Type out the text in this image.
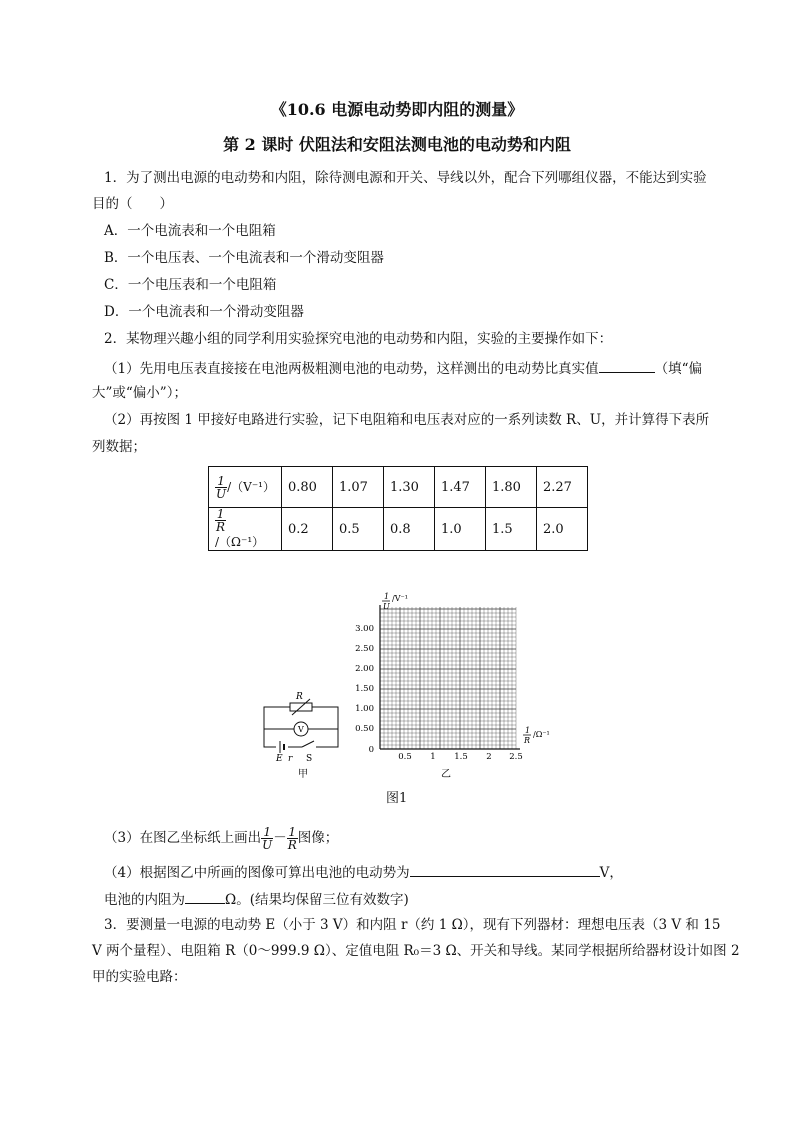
《10.6 电源电动势即内阻的测量》
第 2 课时 伏阻法和安阻法测电池的电动势和内阻
1．为了测出电源的电动势和内阻，除待测电源和开关、导线以外，配合下列哪组仪器，不能达到实验
目的（　　）
A．一个电流表和一个电阻箱
B．一个电压表、一个电流表和一个滑动变阻器
C．一个电压表和一个电阻箱
D．一个电流表和一个滑动变阻器
2．某物理兴趣小组的同学利用实验探究电池的电动势和内阻，实验的主要操作如下：
（1）先用电压表直接接在电池两极粗测电池的电动势，这样测出的电动势比真实值	（填“偏
大”或“偏小”）；
（2）再按图 1 甲接好电路进行实验，记下电阻箱和电压表对应的一系列读数 R、U，并计算得下表所
列数据；
$\frac{1}{U} /(V^{-1})$	0.80	1.07	1.30	1.47	1.80	2.27

$\frac{1}{R}$
/（Ω⁻¹）	0.2	0.5	0.8	1.0	1.5	2.0
R
V
E r S
甲
1
U
/V⁻¹
1
R
/Ω⁻¹
3.00
2.50
2.00
1.50
1.00
0.50
0
0.5 1 1.5 2 2.5
乙
图1
（3）在图乙坐标纸上画出 $\frac{1}{U} - \frac{1}{R}$ 图像；
（4）根据图乙中所画的图像可算出电池的电动势为	V，
电池的内阻为	Ω。(结果均保留三位有效数字)
3．要测量一电源的电动势 E（小于 3 V）和内阻 r（约 1 Ω），现有下列器材：理想电压表（3 V 和 15
V 两个量程）、电阻箱 R（0～999.9 Ω）、定值电阻 R₀＝3 Ω、开关和导线。某同学根据所给器材设计如图 2
甲的实验电路：
